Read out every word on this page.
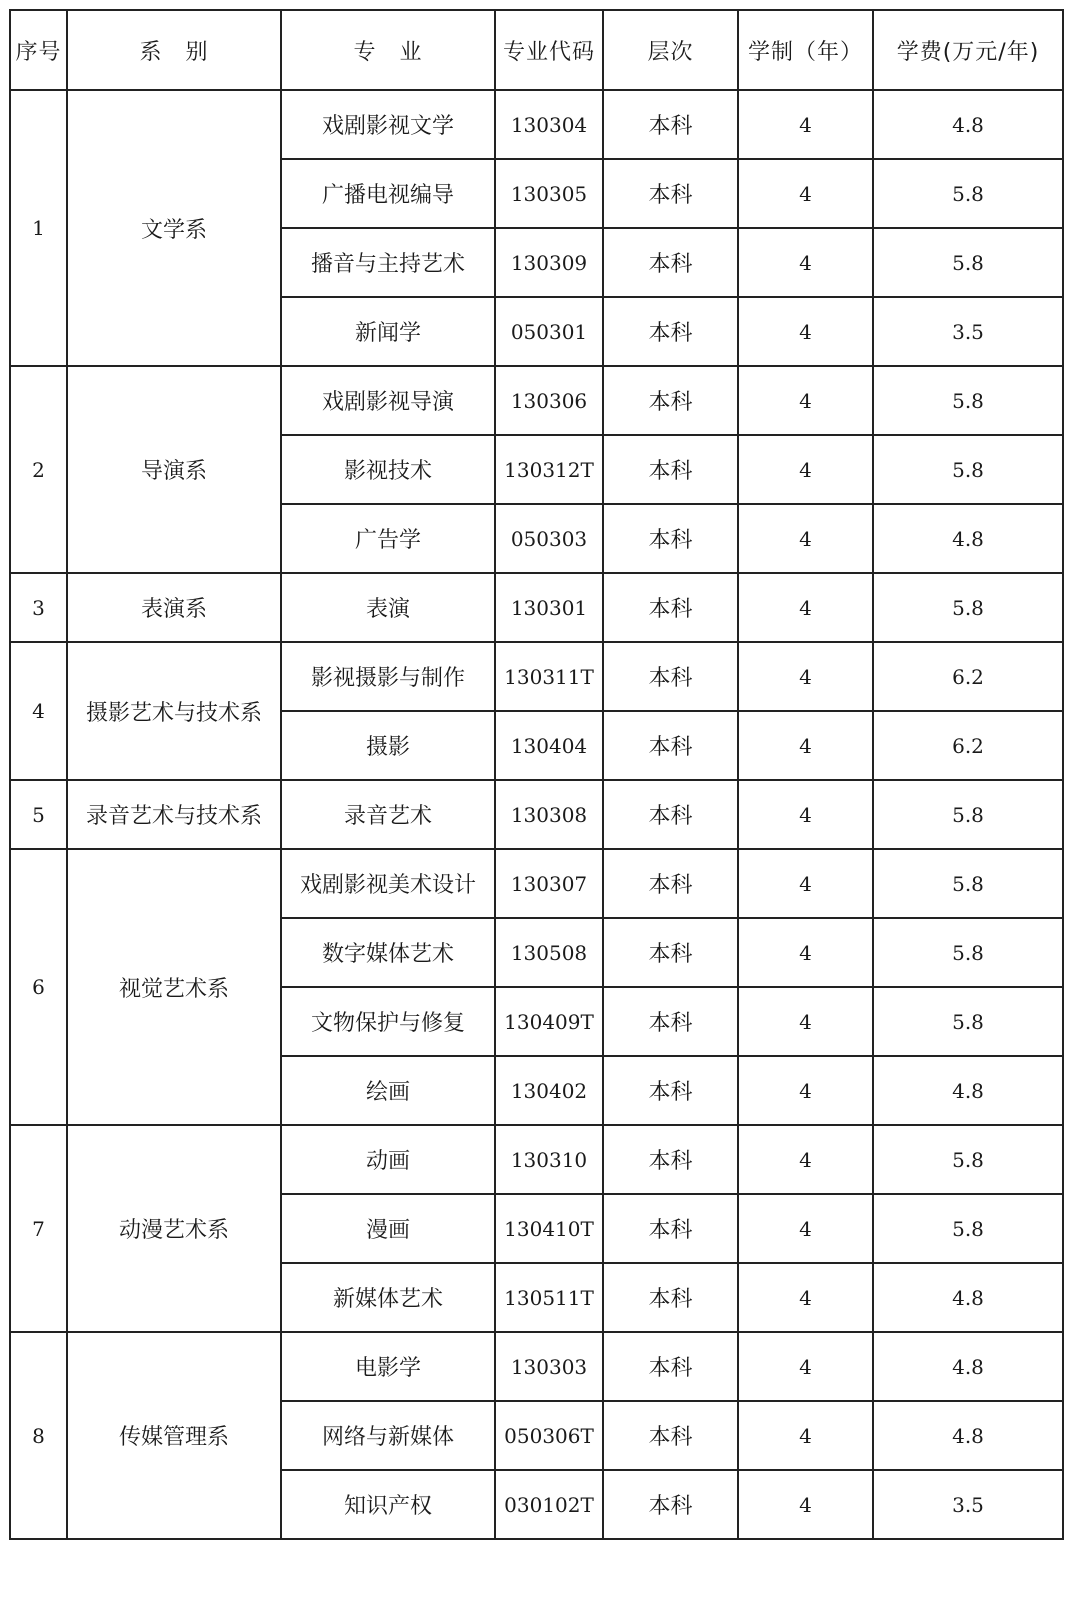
序号	系　别	专　业	专业代码	层次	学制（年）	学费(万元/年)
1	文学系	戏剧影视文学	130304	本科	4	4.8
		广播电视编导	130305	本科	4	5.8
		播音与主持艺术	130309	本科	4	5.8
		新闻学	050301	本科	4	3.5
2	导演系	戏剧影视导演	130306	本科	4	5.8
		影视技术	130312T	本科	4	5.8
		广告学	050303	本科	4	4.8
3	表演系	表演	130301	本科	4	5.8
4	摄影艺术与技术系	影视摄影与制作	130311T	本科	4	6.2
		摄影	130404	本科	4	6.2
5	录音艺术与技术系	录音艺术	130308	本科	4	5.8
6	视觉艺术系	戏剧影视美术设计	130307	本科	4	5.8
		数字媒体艺术	130508	本科	4	5.8
		文物保护与修复	130409T	本科	4	5.8
		绘画	130402	本科	4	4.8
7	动漫艺术系	动画	130310	本科	4	5.8
		漫画	130410T	本科	4	5.8
		新媒体艺术	130511T	本科	4	4.8
8	传媒管理系	电影学	130303	本科	4	4.8
		网络与新媒体	050306T	本科	4	4.8
		知识产权	030102T	本科	4	3.5
